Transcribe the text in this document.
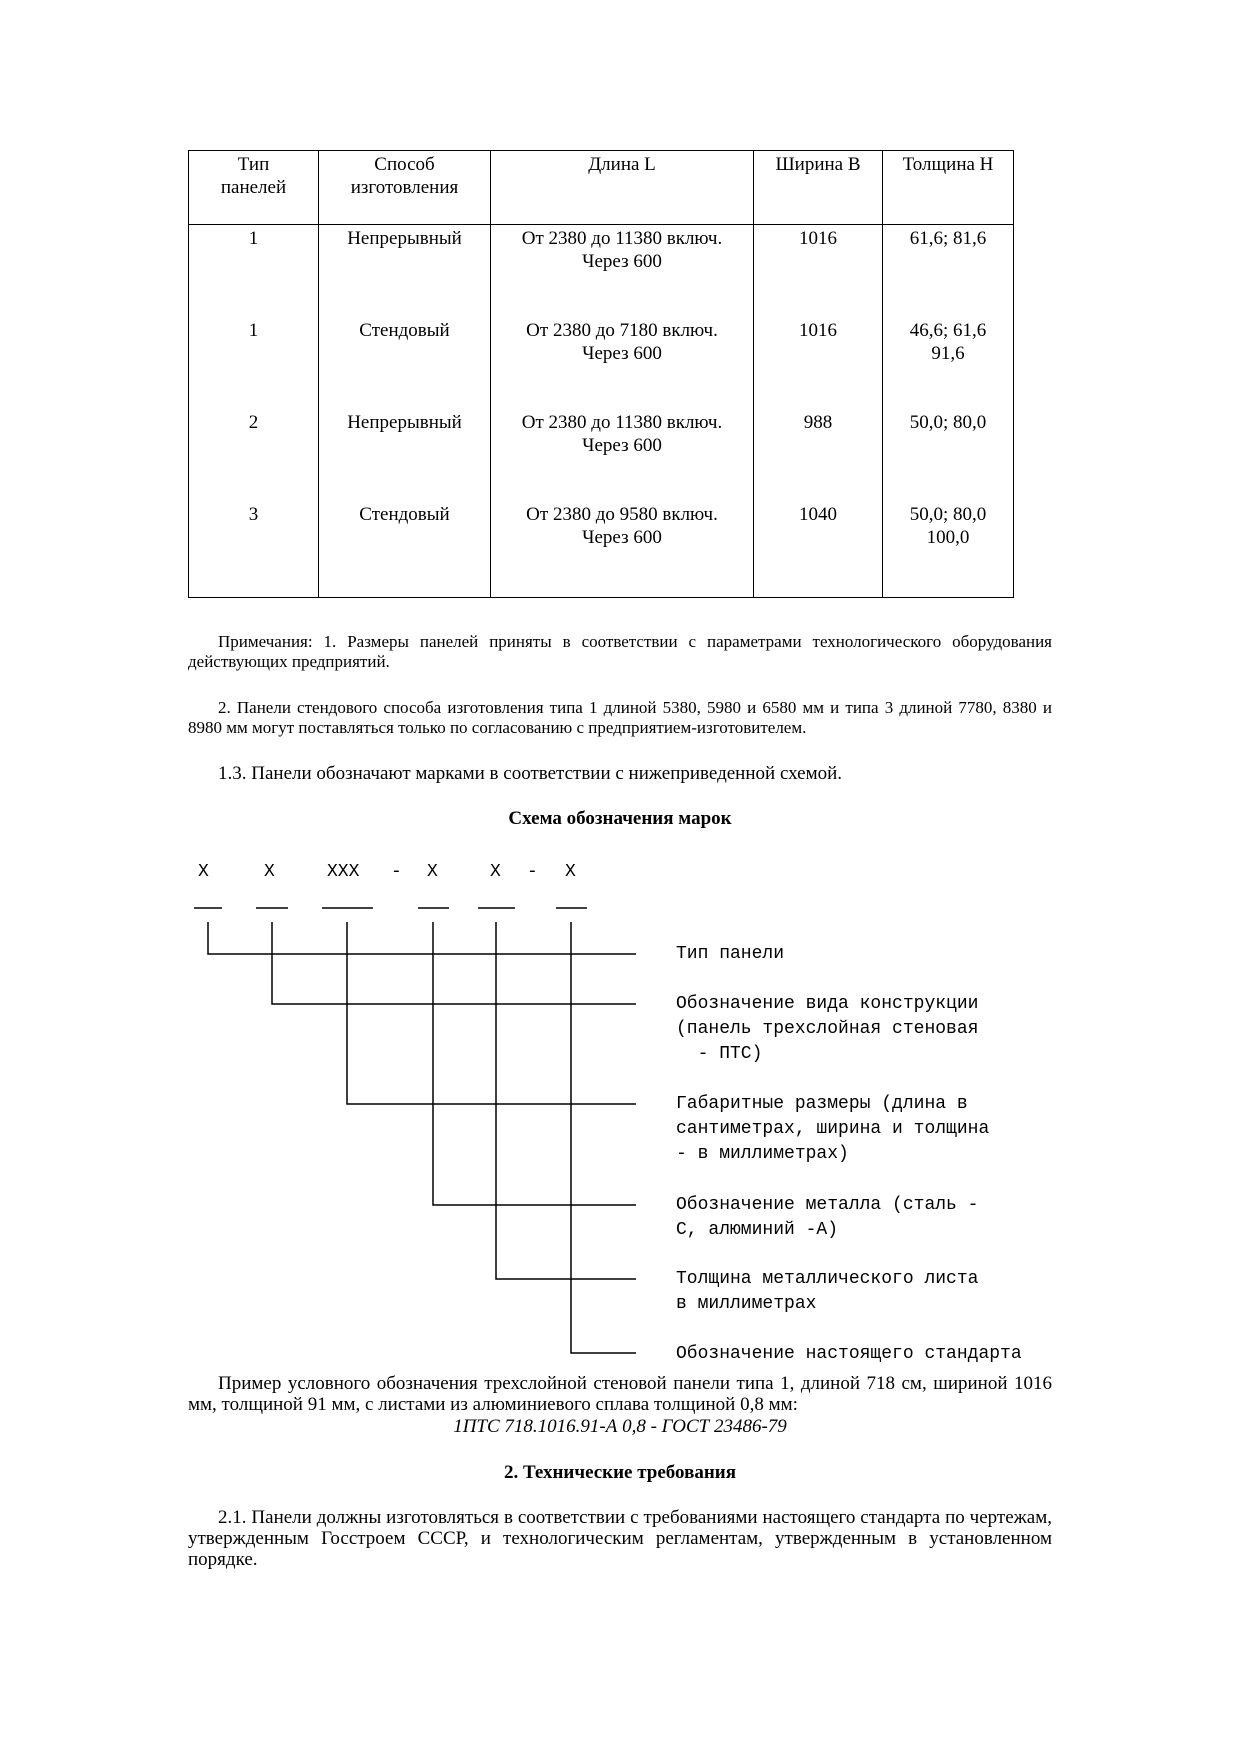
Тип панелей	Способ изготовления	Длина L	Ширина В	Толщина Н
1	Непрерывный	От 2380 до 11380 включ. Через 600	1016	61,6; 81,6
1	Стендовый	От 2380 до 7180 включ. Через 600	1016	46,6; 61,6 91,6

2	Непрерывный	От 2380 до 11380 включ. Через 600	988	50,0; 80,0
3	Стендовый	От 2380 до 9580 включ. Через 600	1040	50,0; 80,0 100,0
Примечания: 1. Размеры панелей приняты в соответствии с параметрами технологического оборудования действующих предприятий.
2. Панели стендового способа изготовления типа 1 длиной 5380, 5980 и 6580 мм и типа 3 длиной 7780, 8380 и 8980 мм могут поставляться только по согласованию с предприятием-изготовителем.
1.3. Панели обозначают марками в соответствии с нижеприведенной схемой.
Схема обозначения марок
Х	Х	ХХХ - Х	Х - Х
Тип панели
Обозначение вида конструкции
(панель трехслойная стеновая
- ПТС)
Габаритные размеры (длина в
сантиметрах, ширина и толщина
- в миллиметрах)
Обозначение металла (сталь -
С, алюминий -А)
Толщина металлического листа
в миллиметрах
Обозначение настоящего стандарта
Пример условного обозначения трехслойной стеновой панели типа 1, длиной 718 см, шириной 1016 мм, толщиной 91 мм, с листами из алюминиевого сплава толщиной 0,8 мм:
1ПТС 718.1016.91-А 0,8 - ГОСТ 23486-79
2. Технические требования
2.1. Панели должны изготовляться в соответствии с требованиями настоящего стандарта по чертежам, утвержденным Госстроем СССР, и технологическим регламентам, утвержденным в установленном порядке.
